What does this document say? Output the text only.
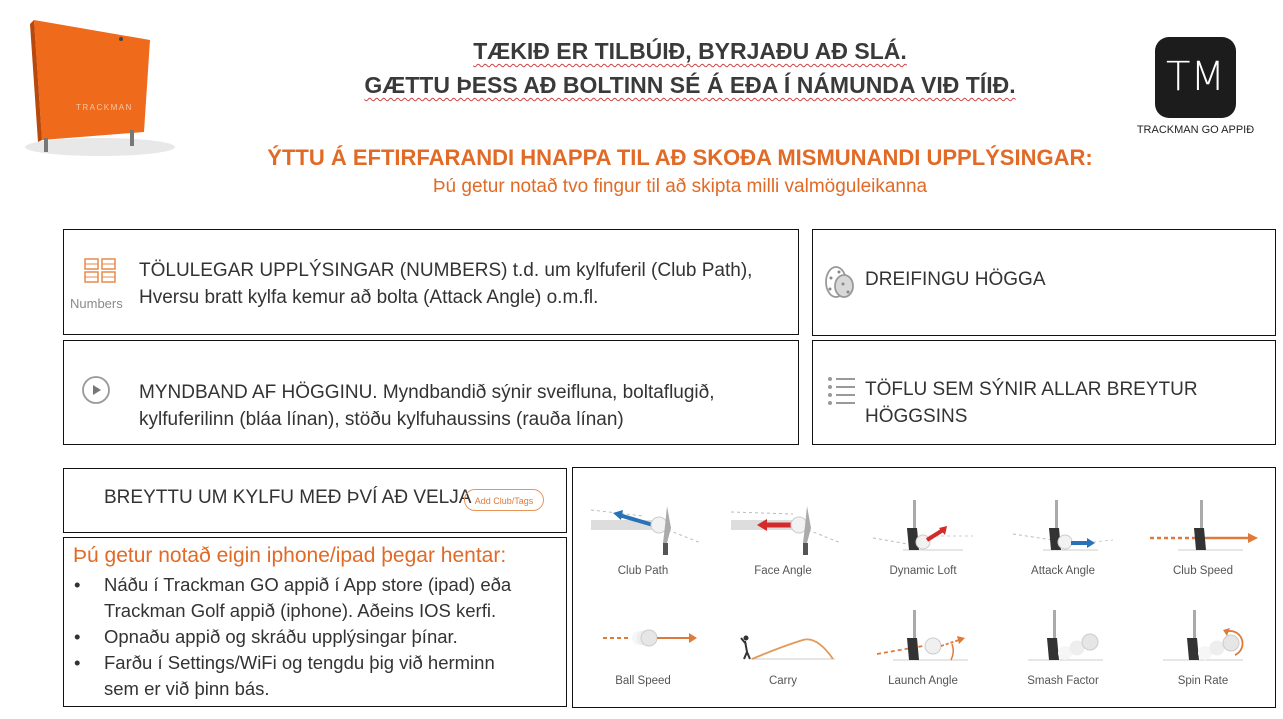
TRACKMAN
TÆKIÐ ER TILBÚIÐ, BYRJAÐU AÐ SLÁ.
GÆTTU ÞESS AÐ BOLTINN SÉ Á EÐA Í NÁMUNDA VIÐ TÍIÐ.	TM
TRACKMAN GO APPIÐ
ÝTTU Á EFTIRFARANDI HNAPPA TIL AÐ SKOÐA MISMUNANDI UPPLÝSINGAR:
Þú getur notað tvo fingur til að skipta milli valmöguleikanna
Numbers
TÖLULEGAR UPPLÝSINGAR (NUMBERS) t.d. um kylfuferil (Club Path),
Hversu bratt kylfa kemur að bolta (Attack Angle) o.m.fl.
MYNDBAND AF HÖGGINU. Myndbandið sýnir sveifluna, boltaflugið,
kylfuferilinn (bláa línan), stöðu kylfuhaussins (rauða línan)
DREIFINGU HÖGGA
TÖFLU SEM SÝNIR ALLAR BREYTUR HÖGGSINS
BREYTTU UM KYLFU MEÐ ÞVÍ AÐ VELJA Add Club/Tags
Þú getur notað eigin iphone/ipad þegar hentar:
• Náðu í Trackman GO appið í App store (ipad) eða
Trackman Golf appið (iphone). Aðeins IOS kerfi.
• Opnaðu appið og skráðu upplýsingar þínar.
• Farðu í Settings/WiFi og tengdu þig við herminn
sem er við þinn bás.
Club Path	Face Angle	Dynamic Loft	Attack Angle	Club Speed
Ball Speed	Carry	Launch Angle	Smash Factor	Spin Rate
